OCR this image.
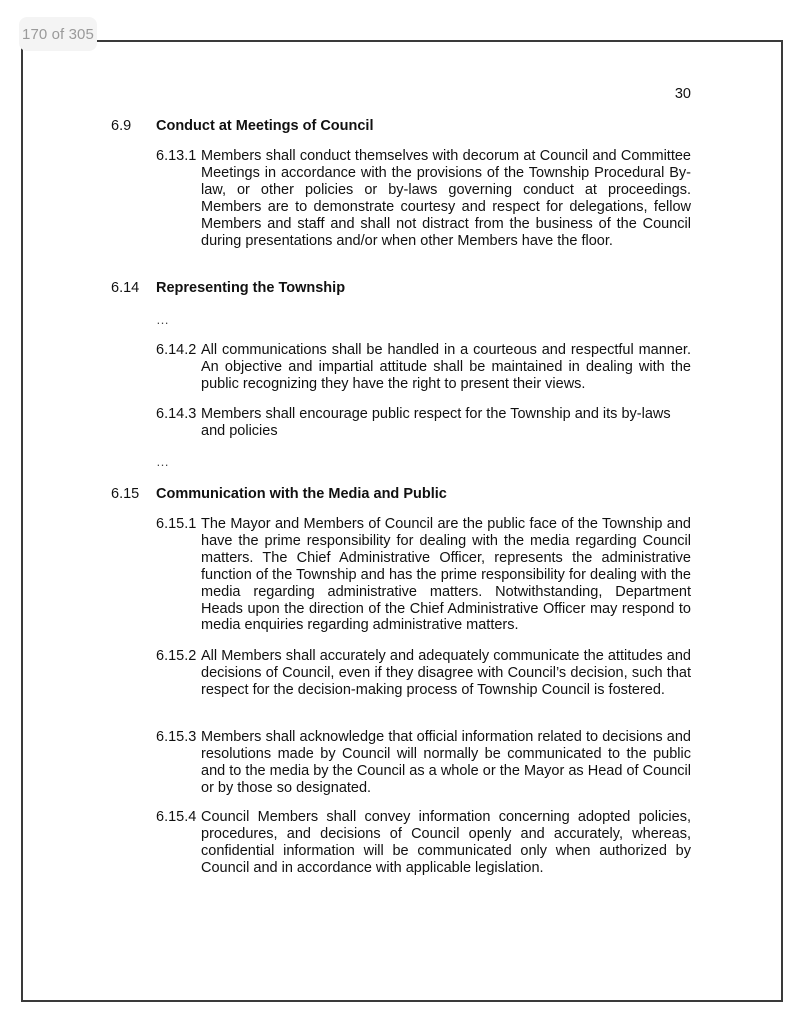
170 of 305
30
6.9 Conduct at Meetings of Council
6.13.1 Members shall conduct themselves with decorum at Council and Committee Meetings in accordance with the provisions of the Township Procedural By-law, or other policies or by-laws governing conduct at proceedings. Members are to demonstrate courtesy and respect for delegations, fellow Members and staff and shall not distract from the business of the Council during presentations and/or when other Members have the floor.
6.14 Representing the Township
…
6.14.2 All communications shall be handled in a courteous and respectful manner. An objective and impartial attitude shall be maintained in dealing with the public recognizing they have the right to present their views.
6.14.3 Members shall encourage public respect for the Township and its by-laws and policies
…
6.15 Communication with the Media and Public
6.15.1 The Mayor and Members of Council are the public face of the Township and have the prime responsibility for dealing with the media regarding Council matters. The Chief Administrative Officer, represents the administrative function of the Township and has the prime responsibility for dealing with the media regarding administrative matters. Notwithstanding, Department Heads upon the direction of the Chief Administrative Officer may respond to media enquiries regarding administrative matters.
6.15.2 All Members shall accurately and adequately communicate the attitudes and decisions of Council, even if they disagree with Council’s decision, such that respect for the decision-making process of Township Council is fostered.
6.15.3 Members shall acknowledge that official information related to decisions and resolutions made by Council will normally be communicated to the public and to the media by the Council as a whole or the Mayor as Head of Council or by those so designated.
6.15.4 Council Members shall convey information concerning adopted policies, procedures, and decisions of Council openly and accurately, whereas, confidential information will be communicated only when authorized by Council and in accordance with applicable legislation.
